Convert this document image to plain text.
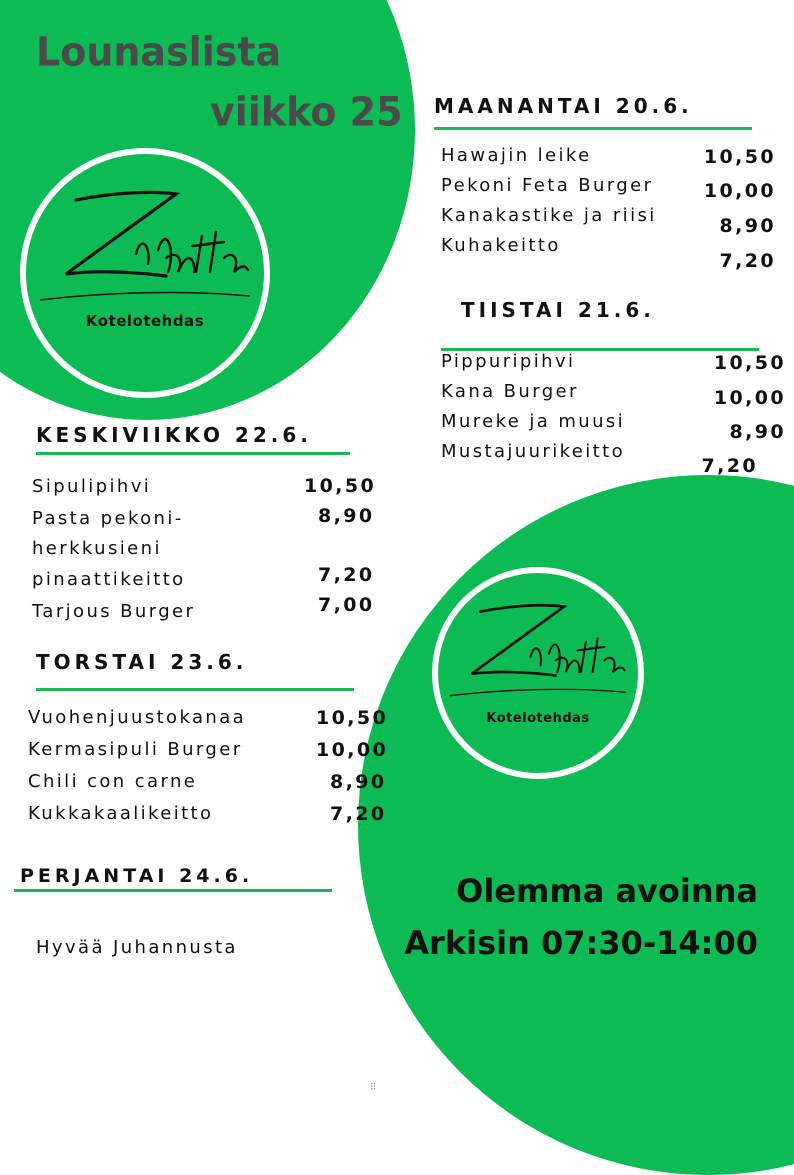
Lounaslista
viikko 25
Kotelotehdas
Kotelotehdas
MAANANTAI 20.6.
Hawajin leike
Pekoni Feta Burger
Kanakastike ja riisi
Kuhakeitto
10,50
10,00
8,90
7,20
TIISTAI 21.6.
Pippuripihvi
Kana Burger
Mureke ja muusi
Mustajuurikeitto
10,50
10,00
8,90
7,20
KESKIVIIKKO 22.6.
Sipulipihvi
Pasta pekoni-
herkkusieni
pinaattikeitto
Tarjous Burger
10,50
8,90
7,20
7,00
TORSTAI 23.6.
Vuohenjuustokanaa
Kermasipuli Burger
Chili con carne
Kukkakaalikeitto
10,50
10,00
8,90
7,20
PERJANTAI 24.6.
Hyvää Juhannusta
Olemma avoinna
Arkisin 07:30-14:00
⠿
